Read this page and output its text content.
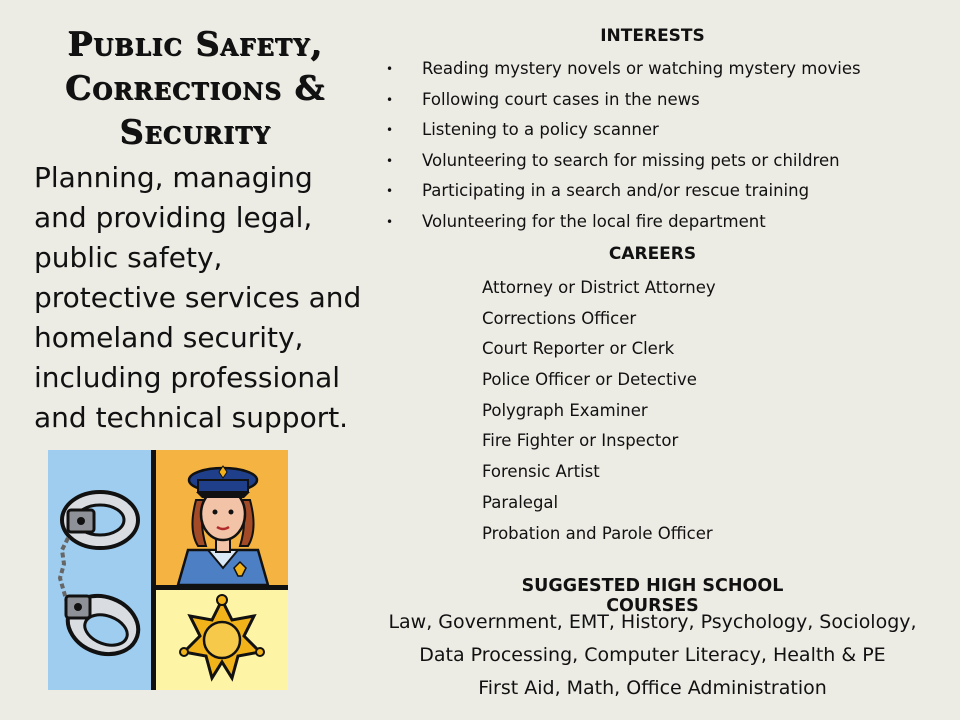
Public Safety,
Corrections &
Security
Planning, managing and providing legal, public safety, protective services and homeland security, including professional and technical support.
INTERESTS
• Reading mystery novels or watching mystery movies
• Following court cases in the news
• Listening to a policy scanner
• Volunteering to search for missing pets or children
• Participating in a search and/or rescue training
• Volunteering for the local fire department
CAREERS
Attorney or District Attorney
Corrections Officer
Court Reporter or Clerk
Police Officer or Detective
Polygraph Examiner
Fire Fighter or Inspector
Forensic Artist
Paralegal
Probation and Parole Officer
SUGGESTED HIGH SCHOOL COURSES
Law, Government, EMT, History, Psychology, Sociology,
Data Processing, Computer Literacy, Health & PE
First Aid, Math, Office Administration
